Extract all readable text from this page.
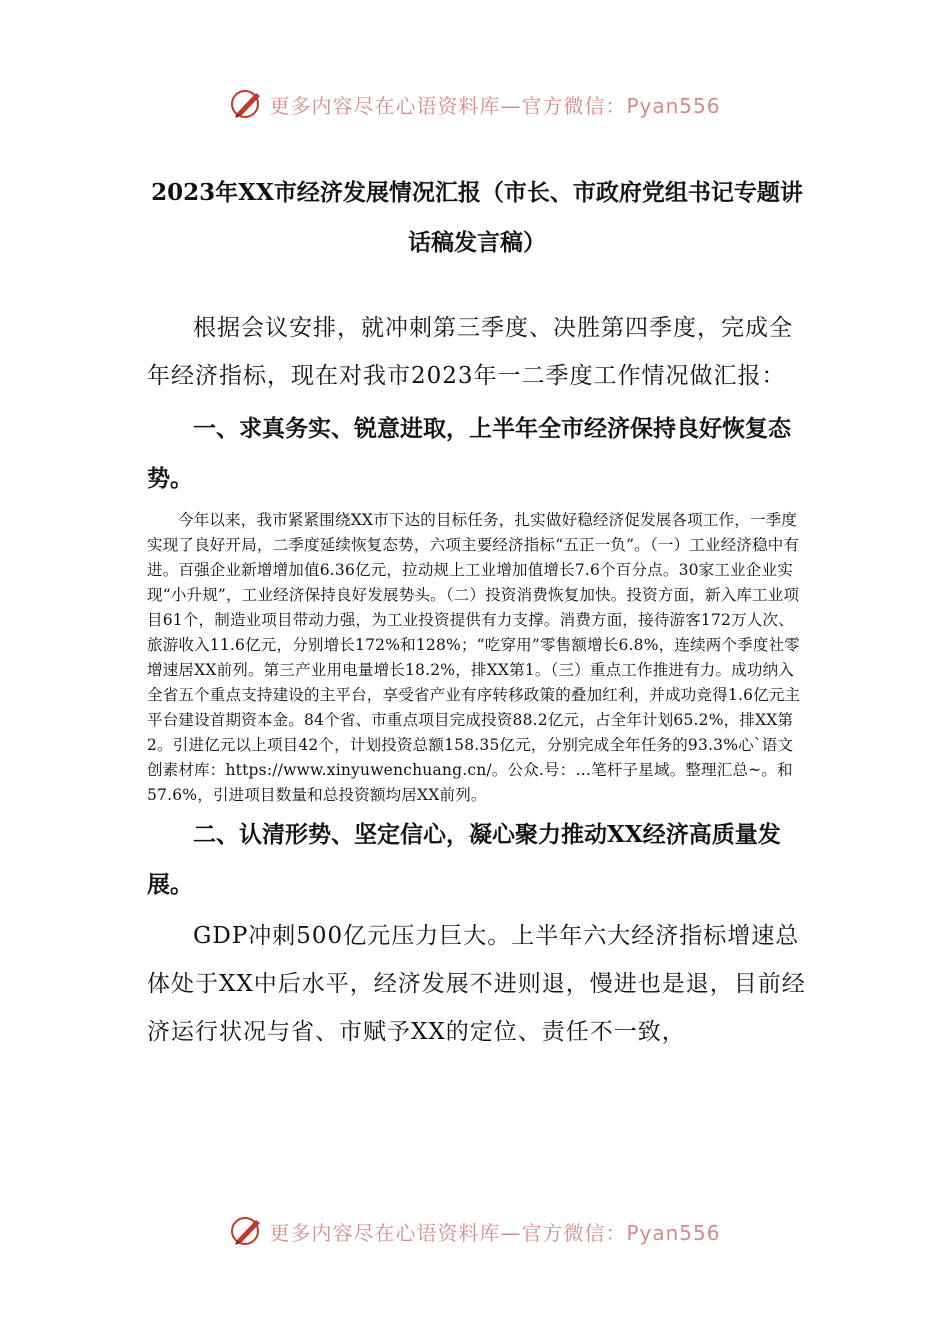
更多内容尽在心语资料库—官方微信：Pyan556
2023年XX市经济发展情况汇报（市长、市政府党组书记专题讲话稿发言稿）

根据会议安排，就冲刺第三季度、决胜第四季度，完成全年经济指标，现在对我市2023年一二季度工作情况做汇报：

一、求真务实、锐意进取，上半年全市经济保持良好恢复态势。

今年以来，我市紧紧围绕XX市下达的目标任务，扎实做好稳经济促发展各项工作，一季度实现了良好开局，二季度延续恢复态势，六项主要经济指标“五正一负”。（一）工业经济稳中有进。百强企业新增增加值6.36亿元，拉动规上工业增加值增长7.6个百分点。30家工业企业实现“小升规”，工业经济保持良好发展势头。（二）投资消费恢复加快。投资方面，新入库工业项目61个，制造业项目带动力强，为工业投资提供有力支撑。消费方面，接待游客172万人次、旅游收入11.6亿元，分别增长172%和128%；“吃穿用”零售额增长6.8%，连续两个季度社零增速居XX前列。第三产业用电量增长18.2%，排XX第1。（三）重点工作推进有力。成功纳入全省五个重点支持建设的主平台，享受省产业有序转移政策的叠加红利，并成功竞得1.6亿元主平台建设首期资本金。84个省、市重点项目完成投资88.2亿元，占全年计划65.2%，排XX第2。引进亿元以上项目42个，计划投资总额158.35亿元，分别完成全年任务的93.3%心`语文创素材库：https://www.xinyuwenchuang.cn/。公众.号：…笔杆子星域。整理汇总~。和57.6%，引进项目数量和总投资额均居XX前列。

二、认清形势、坚定信心，凝心聚力推动XX经济高质量发展。

GDP冲刺500亿元压力巨大。上半年六大经济指标增速总体处于XX中后水平，经济发展不进则退，慢进也是退，目前经济运行状况与省、市赋予XX的定位、责任不一致，

更多内容尽在心语资料库—官方微信：Pyan556
